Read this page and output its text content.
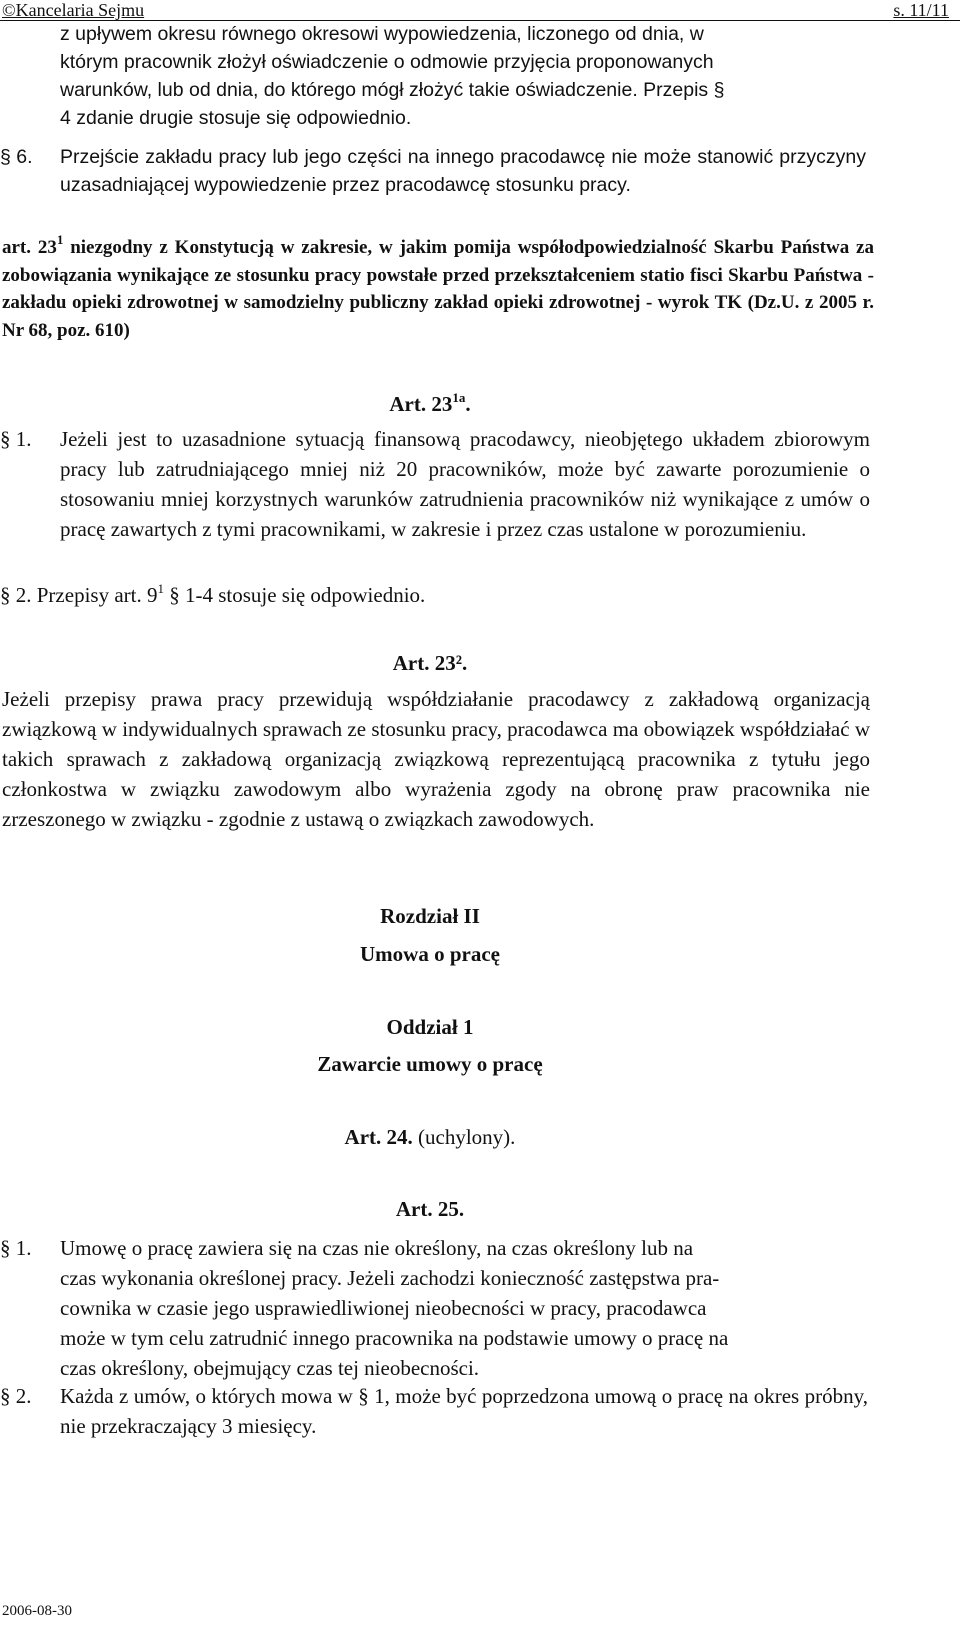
©Kancelaria Sejmu	s. 11/11
z upływem okresu równego okresowi wypowiedzenia, liczonego od dnia, w
którym pracownik złożył oświadczenie o odmowie przyjęcia proponowanych
warunków, lub od dnia, do którego mógł złożyć takie oświadczenie. Przepis §
4 zdanie drugie stosuje się odpowiednio.

§ 6. Przejście zakładu pracy lub jego części na innego pracodawcę nie może stanowić przyczyny uzasadniającej wypowiedzenie przez pracodawcę stosunku pracy.

art. $23^1$ niezgodny z Konstytucją w zakresie, w jakim pomija współodpowiedzialność Skarbu Państwa za zobowiązania wynikające ze stosunku pracy powstałe przed przekształceniem statio fisci Skarbu Państwa - zakładu opieki zdrowotnej w samodzielny publiczny zakład opieki zdrowotnej - wyrok TK (Dz.U. z 2005 r. Nr 68, poz. 610)
Art. $23^{1a}$.

§ 1. Jeżeli jest to uzasadnione sytuacją finansową pracodawcy, nieobjętego układem zbiorowym pracy lub zatrudniającego mniej niż 20 pracowników, może być zawarte porozumienie o stosowaniu mniej korzystnych warunków zatrudnienia pracowników niż wynikające z umów o pracę zawartych z tymi pracownikami, w zakresie i przez czas ustalone w porozumieniu.

§ 2. Przepisy art. $9^1$ § 1-4 stosuje się odpowiednio.
Art. 23².
Jeżeli przepisy prawa pracy przewidują współdziałanie pracodawcy z zakładową organizacją związkową w indywidualnych sprawach ze stosunku pracy, pracodawca ma obowiązek współdziałać w takich sprawach z zakładową organizacją związkową reprezentującą pracownika z tytułu jego członkostwa w związku zawodowym albo wyrażenia zgody na obronę praw pracownika nie zrzeszonego w związku - zgodnie z ustawą o związkach zawodowych.
Rozdział II
Umowa o pracę
Oddział 1
Zawarcie umowy o pracę
Art. 24. (uchylony).
Art. 25.
§ 1. Umowę o pracę zawiera się na czas nie określony, na czas określony lub na
czas wykonania określonej pracy. Jeżeli zachodzi konieczność zastępstwa pra-
cownika w czasie jego usprawiedliwionej nieobecności w pracy, pracodawca
może w tym celu zatrudnić innego pracownika na podstawie umowy o pracę na
czas określony, obejmujący czas tej nieobecności.

§ 2. Każda z umów, o których mowa w § 1, może być poprzedzona umową o pracę na okres próbny, nie przekraczający 3 miesięcy.

2006-08-30
